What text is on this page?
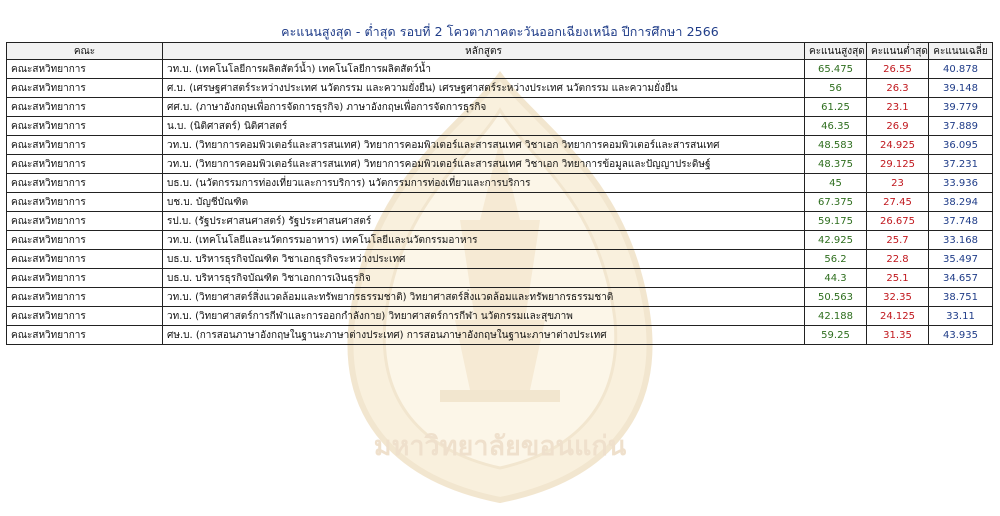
มหาวิทยาลัยขอนแก่น
คะแนนสูงสุด - ต่ำสุด รอบที่ 2 โควตาภาคตะวันออกเฉียงเหนือ ปีการศึกษา 2566
คณะ	หลักสูตร	คะแนนสูงสุด	คะแนนต่ำสุด	คะแนนเฉลี่ย
คณะสหวิทยาการ	วท.บ. (เทคโนโลยีการผลิตสัตว์น้ำ) เทคโนโลยีการผลิตสัตว์น้ำ	65.475	26.55	40.878
คณะสหวิทยาการ	ศ.บ. (เศรษฐศาสตร์ระหว่างประเทศ นวัตกรรม และความยั่งยืน) เศรษฐศาสตร์ระหว่างประเทศ นวัตกรรม และความยั่งยืน	56	26.3	39.148
คณะสหวิทยาการ	ศศ.บ. (ภาษาอังกฤษเพื่อการจัดการธุรกิจ) ภาษาอังกฤษเพื่อการจัดการธุรกิจ	61.25	23.1	39.779
คณะสหวิทยาการ	น.บ. (นิติศาสตร์) นิติศาสตร์	46.35	26.9	37.889
คณะสหวิทยาการ	วท.บ. (วิทยาการคอมพิวเตอร์และสารสนเทศ) วิทยาการคอมพิวเตอร์และสารสนเทศ วิชาเอก วิทยาการคอมพิวเตอร์และสารสนเทศ	48.583	24.925	36.095
คณะสหวิทยาการ	วท.บ. (วิทยาการคอมพิวเตอร์และสารสนเทศ) วิทยาการคอมพิวเตอร์และสารสนเทศ วิชาเอก วิทยาการข้อมูลและปัญญาประดิษฐ์	48.375	29.125	37.231
คณะสหวิทยาการ	บธ.บ. (นวัตกรรมการท่องเที่ยวและการบริการ) นวัตกรรมการท่องเที่ยวและการบริการ	45	23	33.936
คณะสหวิทยาการ	บช.บ. บัญชีบัณฑิต	67.375	27.45	38.294
คณะสหวิทยาการ	รป.บ. (รัฐประศาสนศาสตร์) รัฐประศาสนศาสตร์	59.175	26.675	37.748
คณะสหวิทยาการ	วท.บ. (เทคโนโลยีและนวัตกรรมอาหาร) เทคโนโลยีและนวัตกรรมอาหาร	42.925	25.7	33.168
คณะสหวิทยาการ	บธ.บ. บริหารธุรกิจบัณฑิต วิชาเอกธุรกิจระหว่างประเทศ	56.2	22.8	35.497
คณะสหวิทยาการ	บธ.บ. บริหารธุรกิจบัณฑิต วิชาเอกการเงินธุรกิจ	44.3	25.1	34.657
คณะสหวิทยาการ	วท.บ. (วิทยาศาสตร์สิ่งแวดล้อมและทรัพยากรธรรมชาติ) วิทยาศาสตร์สิ่งแวดล้อมและทรัพยากรธรรมชาติ	50.563	32.35	38.751
คณะสหวิทยาการ	วท.บ. (วิทยาศาสตร์การกีฬาและการออกกำลังกาย) วิทยาศาสตร์การกีฬา นวัตกรรมและสุขภาพ	42.188	24.125	33.11
คณะสหวิทยาการ	ศษ.บ. (การสอนภาษาอังกฤษในฐานะภาษาต่างประเทศ) การสอนภาษาอังกฤษในฐานะภาษาต่างประเทศ	59.25	31.35	43.935
